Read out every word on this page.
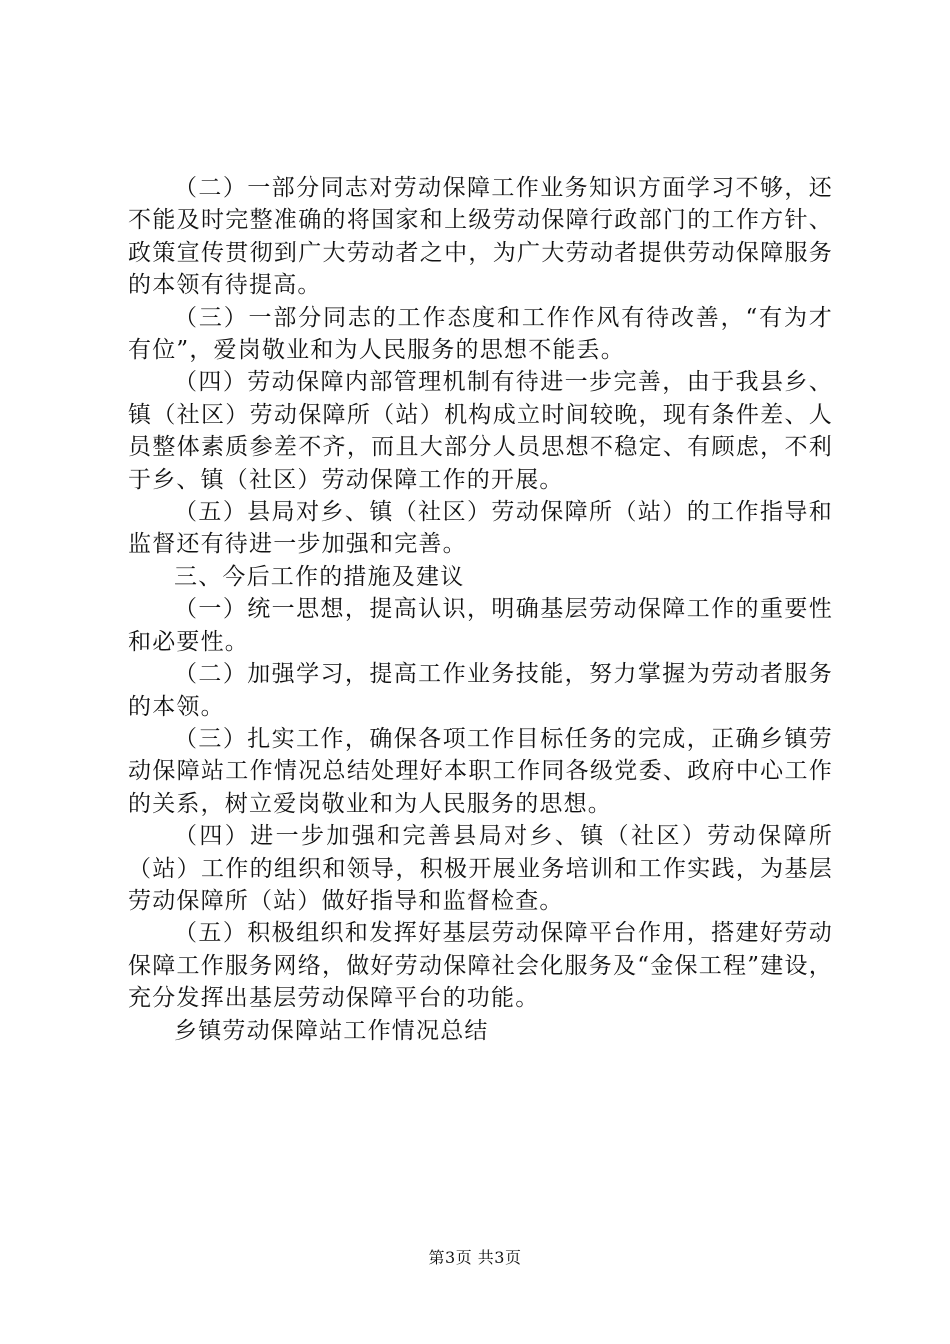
（二）一部分同志对劳动保障工作业务知识方面学习不够，还不能及时完整准确的将国家和上级劳动保障行政部门的工作方针、政策宣传贯彻到广大劳动者之中，为广大劳动者提供劳动保障服务的本领有待提高。

（三）一部分同志的工作态度和工作作风有待改善，“有为才有位”，爱岗敬业和为人民服务的思想不能丢。

（四）劳动保障内部管理机制有待进一步完善，由于我县乡、镇（社区）劳动保障所（站）机构成立时间较晚，现有条件差、人员整体素质参差不齐，而且大部分人员思想不稳定、有顾虑，不利于乡、镇（社区）劳动保障工作的开展。

（五）县局对乡、镇（社区）劳动保障所（站）的工作指导和监督还有待进一步加强和完善。

三、今后工作的措施及建议

（一）统一思想，提高认识，明确基层劳动保障工作的重要性和必要性。

（二）加强学习，提高工作业务技能，努力掌握为劳动者服务的本领。

（三）扎实工作，确保各项工作目标任务的完成，正确乡镇劳动保障站工作情况总结处理好本职工作同各级党委、政府中心工作的关系，树立爱岗敬业和为人民服务的思想。

（四）进一步加强和完善县局对乡、镇（社区）劳动保障所（站）工作的组织和领导，积极开展业务培训和工作实践，为基层劳动保障所（站）做好指导和监督检查。

（五）积极组织和发挥好基层劳动保障平台作用，搭建好劳动保障工作服务网络，做好劳动保障社会化服务及“金保工程”建设，充分发挥出基层劳动保障平台的功能。

乡镇劳动保障站工作情况总结

第3页 共3页
